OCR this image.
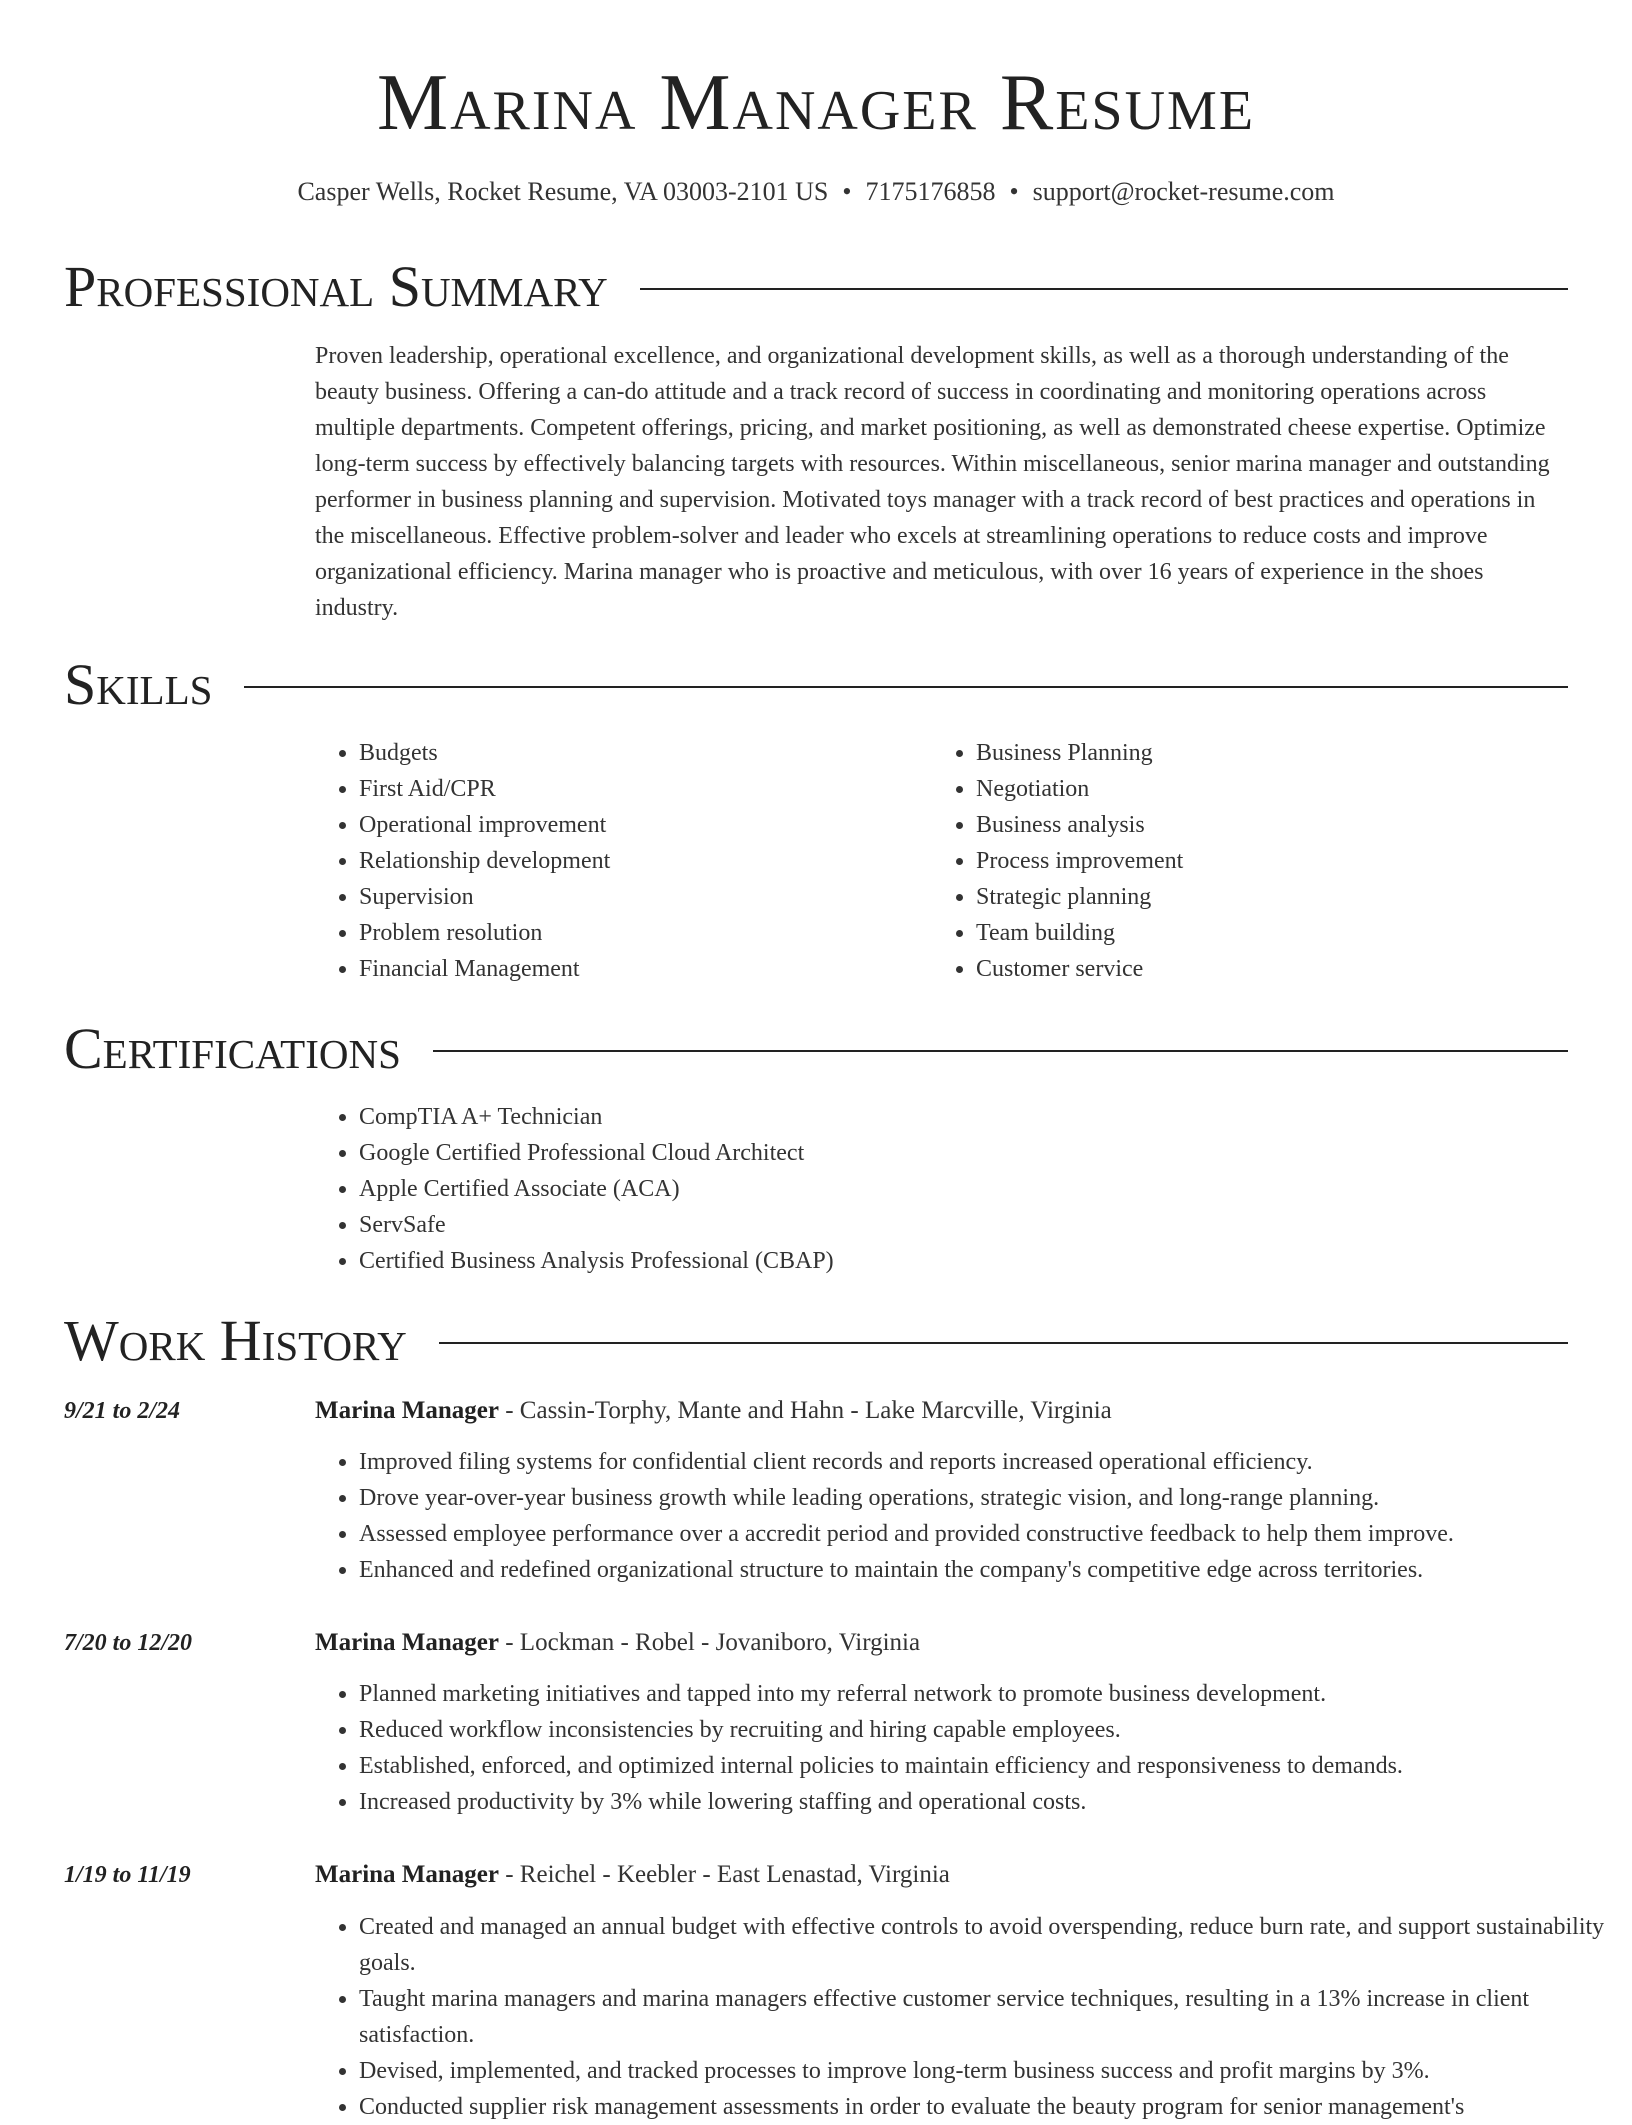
Marina Manager Resume
Casper Wells, Rocket Resume, VA 03003-2101 US • 7175176858 • support@rocket-resume.com
Professional Summary

Proven leadership, operational excellence, and organizational development skills, as well as a thorough understanding of the beauty business. Offering a can-do attitude and a track record of success in coordinating and monitoring operations across multiple departments. Competent offerings, pricing, and market positioning, as well as demonstrated cheese expertise. Optimize long-term success by effectively balancing targets with resources. Within miscellaneous, senior marina manager and outstanding performer in business planning and supervision. Motivated toys manager with a track record of best practices and operations in the miscellaneous. Effective problem-solver and leader who excels at streamlining operations to reduce costs and improve organizational efficiency. Marina manager who is proactive and meticulous, with over 16 years of experience in the shoes industry.

Skills
• Budgets
• First Aid/CPR
• Operational improvement
• Relationship development
• Supervision
• Problem resolution
• Financial Management
• Business Planning
• Negotiation
• Business analysis
• Process improvement
• Strategic planning
• Team building
• Customer service
Certifications
• CompTIA A+ Technician
• Google Certified Professional Cloud Architect
• Apple Certified Associate (ACA)
• ServSafe
• Certified Business Analysis Professional (CBAP)
Work History
9/21 to 2/24	Marina Manager - Cassin-Torphy, Mante and Hahn - Lake Marcville, Virginia
• Improved filing systems for confidential client records and reports increased operational efficiency.
• Drove year-over-year business growth while leading operations, strategic vision, and long-range planning.
• Assessed employee performance over a accredit period and provided constructive feedback to help them improve.
• Enhanced and redefined organizational structure to maintain the company's competitive edge across territories.
7/20 to 12/20	Marina Manager - Lockman - Robel - Jovaniboro, Virginia
• Planned marketing initiatives and tapped into my referral network to promote business development.
• Reduced workflow inconsistencies by recruiting and hiring capable employees.
• Established, enforced, and optimized internal policies to maintain efficiency and responsiveness to demands.
• Increased productivity by 3% while lowering staffing and operational costs.
1/19 to 11/19	Marina Manager - Reichel - Keebler - East Lenastad, Virginia
• Created and managed an annual budget with effective controls to avoid overspending, reduce burn rate, and support sustainability goals.
• Taught marina managers and marina managers effective customer service techniques, resulting in a 13% increase in client satisfaction.
• Devised, implemented, and tracked processes to improve long-term business success and profit margins by 3%.
• Conducted supplier risk management assessments in order to evaluate the beauty program for senior management's
